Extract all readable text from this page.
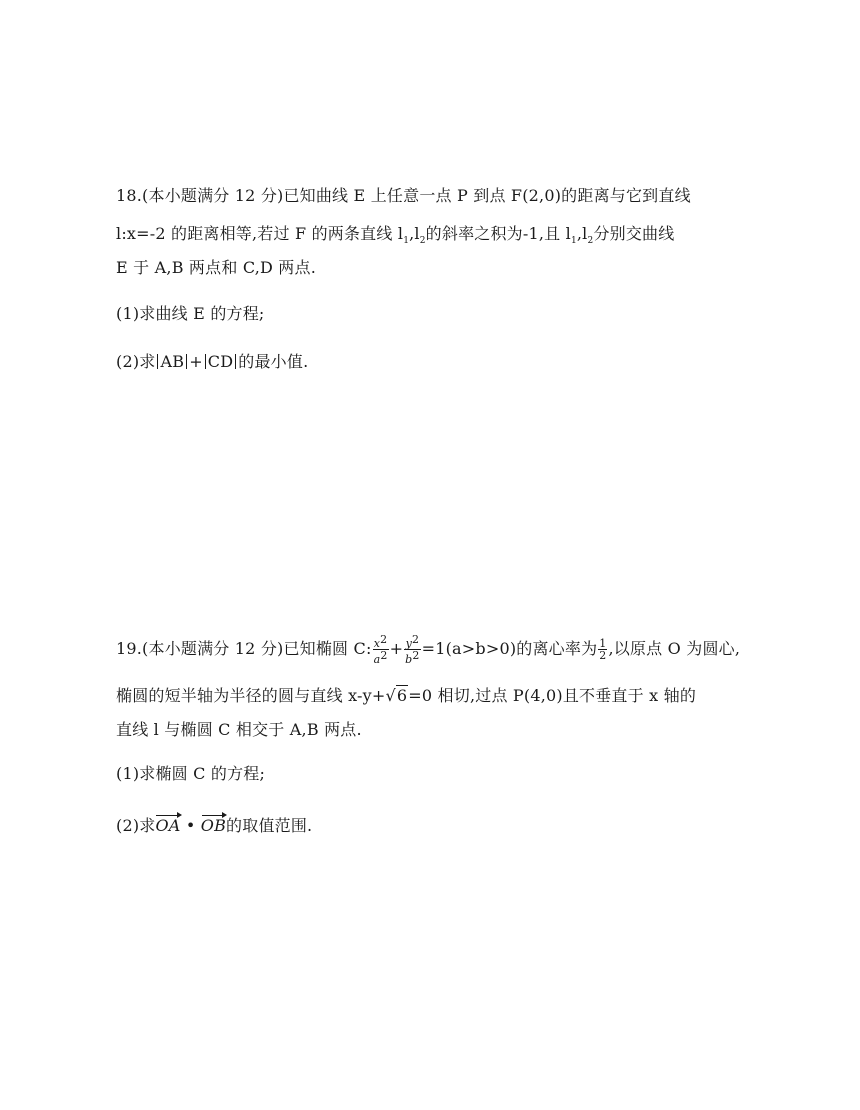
18.(本小题满分 12 分)已知曲线 E 上任意一点 P 到点 F(2,0)的距离与它到直线
l:x=-2 的距离相等,若过 F 的两条直线 $l_1,l_2$的斜率之积为-1,且 $l_1,l_2$分别交曲线
E 于 A,B 两点和 C,D 两点.
(1)求曲线 E 的方程;
(2)求 AB + CD 的最小值.
19.(本小题满分 12 分)已知椭圆 C: $\frac{x2}{a2} + \frac{y2}{b2} =1(a>b>0)$的离心率为 $\frac{1}{2}$ ,以原点 O 为圆心,
椭圆的短半轴为半径的圆与直线 x-y+√6=0 相切,过点 P(4,0)且不垂直于 x 轴的
直线 l 与椭圆 C 相交于 A,B 两点.
(1)求椭圆 C 的方程;
(2)求OA • OB的取值范围.
